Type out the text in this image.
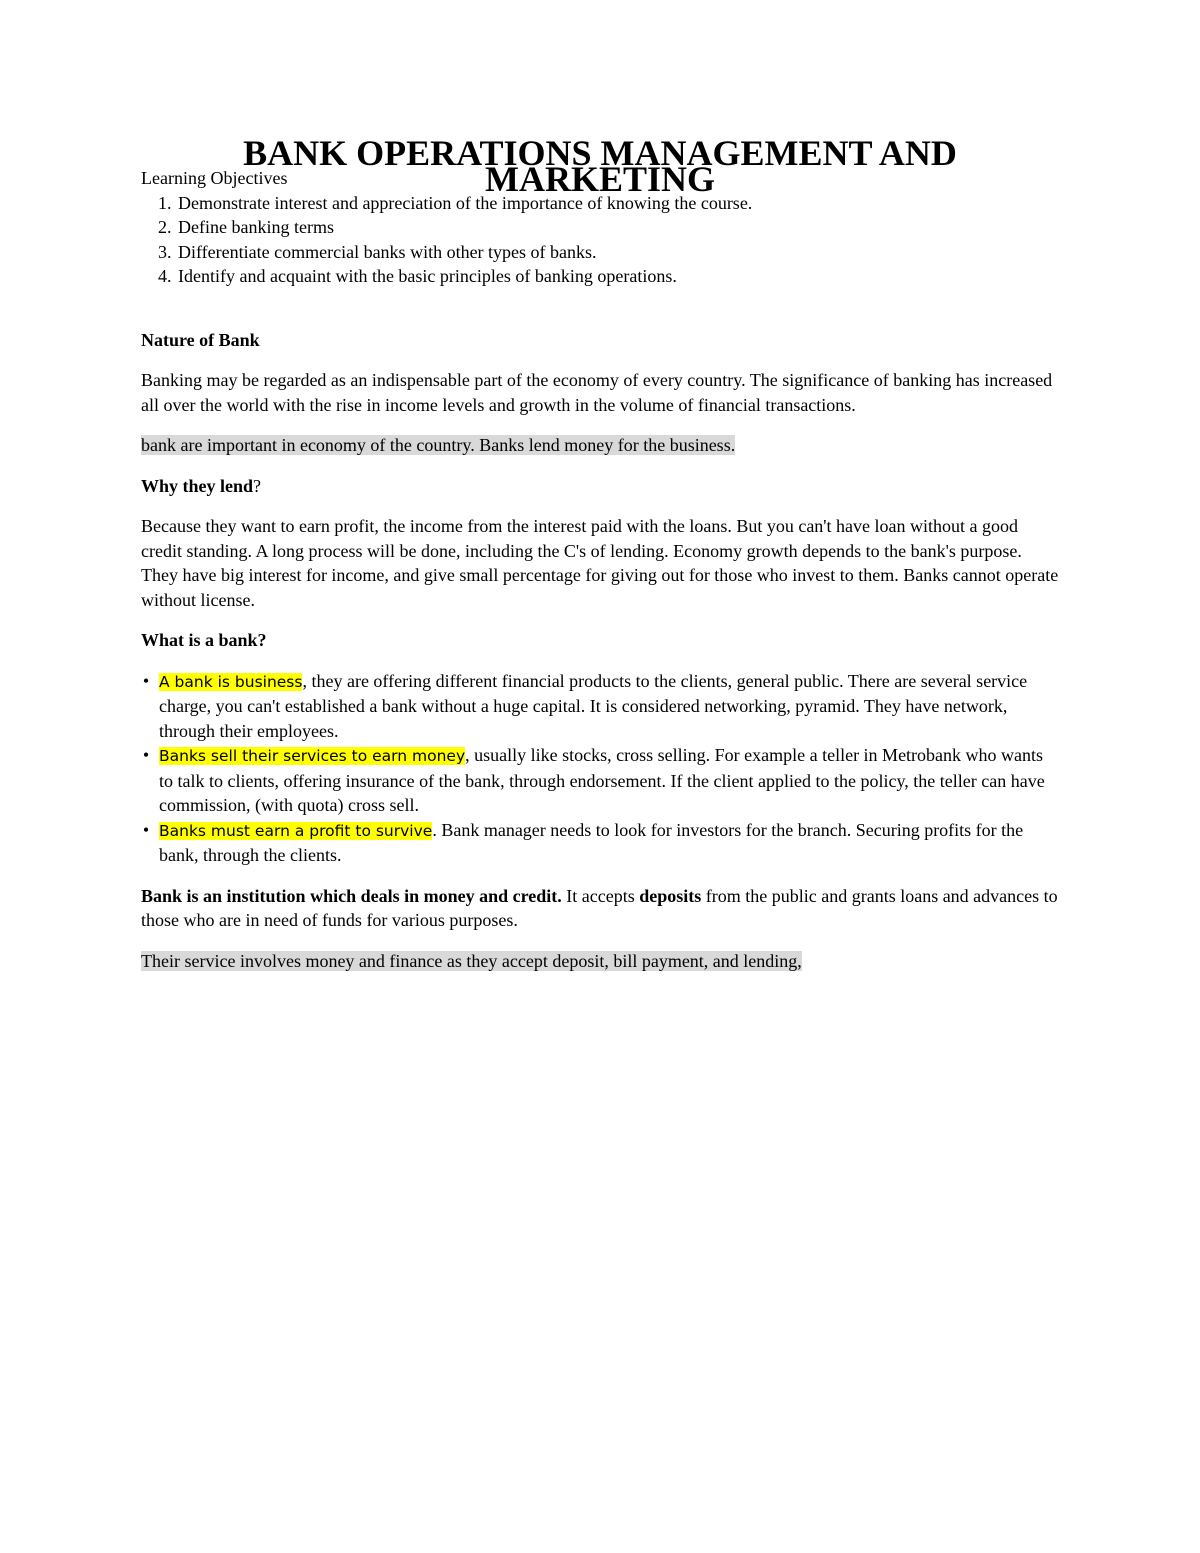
BANK OPERATIONS MANAGEMENT AND MARKETING

Learning Objectives

1. Demonstrate interest and appreciation of the importance of knowing the course.
2. Define banking terms
3. Differentiate commercial banks with other types of banks.
4. Identify and acquaint with the basic principles of banking operations.
Nature of Bank

Banking may be regarded as an indispensable part of the economy of every country. The significance of banking has increased all over the world with the rise in income levels and growth in the volume of financial transactions.

bank are important in economy of the country. Banks lend money for the business.

Why they lend?

Because they want to earn profit, the income from the interest paid with the loans. But you can't have loan without a good credit standing. A long process will be done, including the C's of lending. Economy growth depends to the bank's purpose. They have big interest for income, and give small percentage for giving out for those who invest to them. Banks cannot operate without license.

What is a bank?
• A bank is business, they are offering different financial products to the clients, general public. There are several service charge, you can't established a bank without a huge capital. It is considered networking, pyramid. They have network, through their employees.
• Banks sell their services to earn money, usually like stocks, cross selling. For example a teller in Metrobank who wants to talk to clients, offering insurance of the bank, through endorsement. If the client applied to the policy, the teller can have commission, (with quota) cross sell.
• Banks must earn a profit to survive. Bank manager needs to look for investors for the branch. Securing profits for the bank, through the clients.

Bank is an institution which deals in money and credit. It accepts deposits from the public and grants loans and advances to those who are in need of funds for various purposes.

Their service involves money and finance as they accept deposit, bill payment, and lending,
